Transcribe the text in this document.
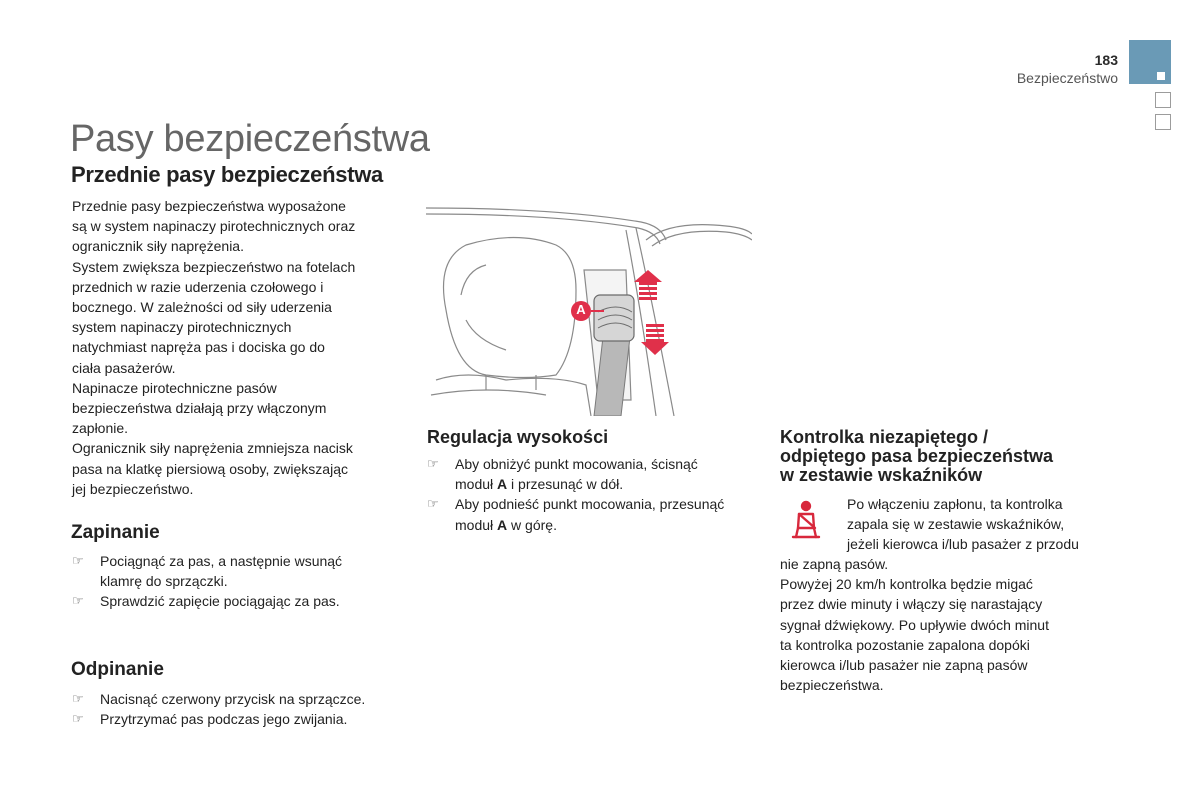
183
Bezpieczeństwo
Pasy bezpieczeństwa
Przednie pasy bezpieczeństwa
Przednie pasy bezpieczeństwa wyposażone
są w system napinaczy pirotechnicznych oraz
ogranicznik siły naprężenia.
System zwiększa bezpieczeństwo na fotelach
przednich w razie uderzenia czołowego i
bocznego. W zależności od siły uderzenia
system napinaczy pirotechnicznych
natychmiast napręża pas i dociska go do
ciała pasażerów.
Napinacze pirotechniczne pasów
bezpieczeństwa działają przy włączonym
zapłonie.
Ogranicznik siły naprężenia zmniejsza nacisk
pasa na klatkę piersiową osoby, zwiększając
jej bezpieczeństwo.
Zapinanie
☞ Pociągnąć za pas, a następnie wsunąć
klamrę do sprzączki.
☞ Sprawdzić zapięcie pociągając za pas.
Odpinanie
☞ Nacisnąć czerwony przycisk na sprzączce.
☞ Przytrzymać pas podczas jego zwijania.
A
Regulacja wysokości
☞ Aby obniżyć punkt mocowania, ścisnąć
moduł A i przesunąć w dół.
☞ Aby podnieść punkt mocowania, przesunąć
moduł A w górę.
Kontrolka niezapiętego /
odpiętego pasa bezpieczeństwa
w zestawie wskaźników
Po włączeniu zapłonu, ta kontrolka
zapala się w zestawie wskaźników,
jeżeli kierowca i/lub pasażer z przodu
nie zapną pasów.
Powyżej 20 km/h kontrolka będzie migać
przez dwie minuty i włączy się narastający
sygnał dźwiękowy. Po upływie dwóch minut
ta kontrolka pozostanie zapalona dopóki
kierowca i/lub pasażer nie zapną pasów
bezpieczeństwa.
